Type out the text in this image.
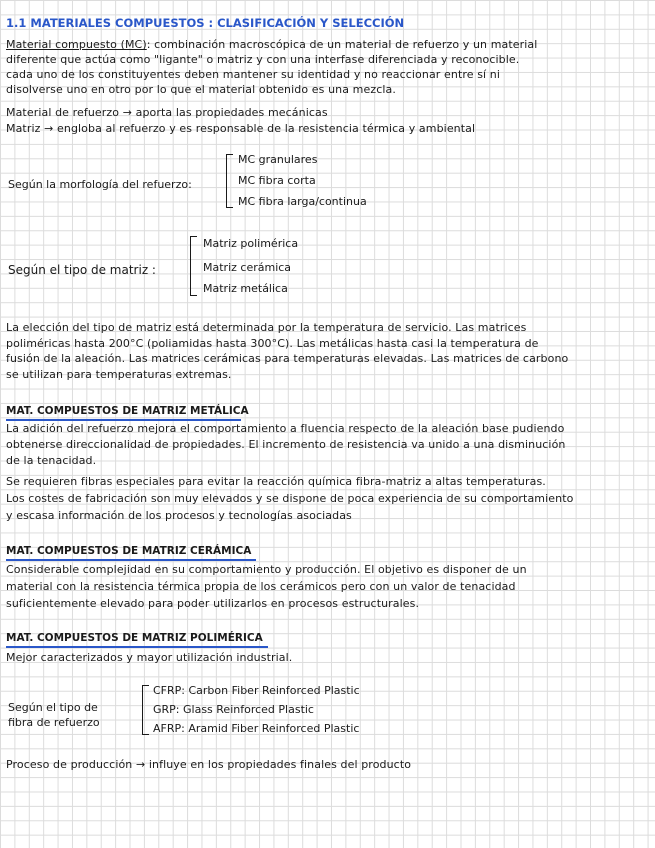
1.1 MATERIALES COMPUESTOS : CLASIFICACIÓN Y SELECCIÓN
Material compuesto (MC): combinación macroscópica de un material de refuerzo y un material
diferente que actúa como "ligante" o matriz y con una interfase diferenciada y reconocible.
cada uno de los constituyentes deben mantener su identidad y no reaccionar entre sí ni
disolverse uno en otro por lo que el material obtenido es una mezcla.
Material de refuerzo → aporta las propiedades mecánicas
Matriz → engloba al refuerzo y es responsable de la resistencia térmica y ambiental
Según la morfología del refuerzo:
MC granulares
MC fibra corta
MC fibra larga/continua
Según el tipo de matriz :
Matriz polimérica
Matriz cerámica
Matriz metálica
La elección del tipo de matriz está determinada por la temperatura de servicio. Las matrices
poliméricas hasta 200°C (poliamidas hasta 300°C). Las metálicas hasta casi la temperatura de
fusión de la aleación. Las matrices cerámicas para temperaturas elevadas. Las matrices de carbono
se utilizan para temperaturas extremas.
MAT. COMPUESTOS DE MATRIZ METÁLICA
La adición del refuerzo mejora el comportamiento a fluencia respecto de la aleación base pudiendo
obtenerse direccionalidad de propiedades. El incremento de resistencia va unido a una disminución
de la tenacidad.
Se requieren fibras especiales para evitar la reacción química fibra-matriz a altas temperaturas.
Los costes de fabricación son muy elevados y se dispone de poca experiencia de su comportamiento
y escasa información de los procesos y tecnologías asociadas
MAT. COMPUESTOS DE MATRIZ CERÁMICA
Considerable complejidad en su comportamiento y producción. El objetivo es disponer de un
material con la resistencia térmica propia de los cerámicos pero con un valor de tenacidad
suficientemente elevado para poder utilizarlos en procesos estructurales.
MAT. COMPUESTOS DE MATRIZ POLIMÉRICA
Mejor caracterizados y mayor utilización industrial.
Según el tipo de
fibra de refuerzo
CFRP: Carbon Fiber Reinforced Plastic
GRP: Glass Reinforced Plastic
AFRP: Aramid Fiber Reinforced Plastic
Proceso de producción → influye en los propiedades finales del producto
